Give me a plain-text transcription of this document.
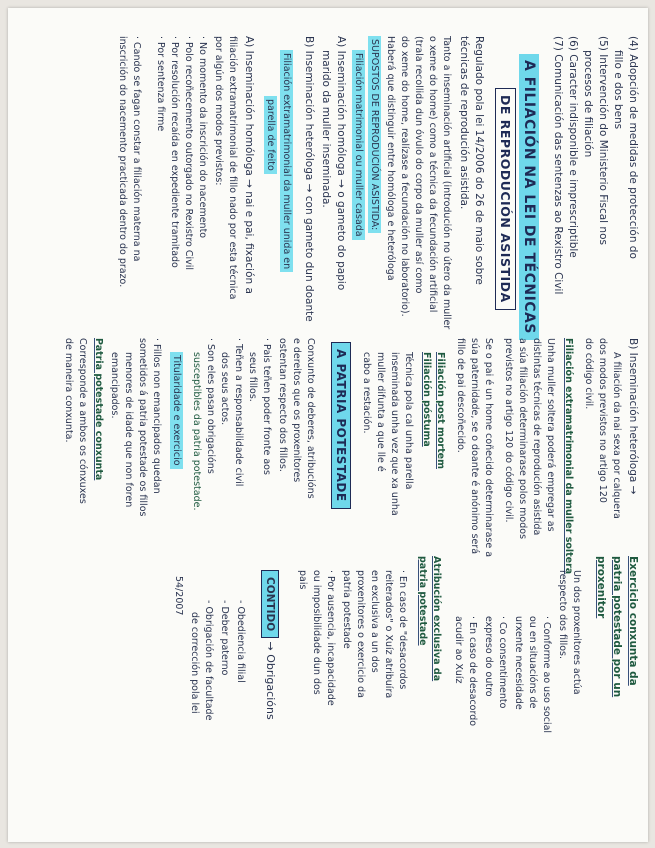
(4) Adopción de medidas de protección do
fillo e dos bens
(5) Intervención do Ministerio Fiscal nos
procesos de filiación
(6) Caracter indisponible e imprescriptible
(7) Comunicación das sentenzas ao Rexistro Civil
A FILIACIÓN NA LEI DE TÉCNICAS
DE REPRODUCIÓN ASISTIDA
Regulado pola lei 14/2006 do 26 de maio sobre
técnicas de reprodución asistida.
Tanto a inseminación artificial (introdución no útero da muller
o xeme do home) como a técnica da fecundación artificial
(trala recollida dun óvulo do corpo da muller así como
do xeme do home, realízase a fecundación no laboratorio).
Haberá que distinguir entre homóloga e heteróloga
SUPOSTOS DE REPRODUCIÓN ASISTIDA:
Filiación matrimonial ou muller casada
A) Inseminación homóloga → o gameto do papio
marido da muller inseminada.
B) Inseminación heteróloga → con gameto dun doante
Filiación extramatrimonial da muller unida en
parella de feito
A) Inseminación homóloga → nai e pai, fixación a
filiación extramatrimonial de fillo nado por esta técnica
por algún dos modos previstos:
· No momento da inscrición do nacemento
· Polo recoñecemento outorgado no Rexistro Civil
· Por resolución recaída en expediente tramitado
· Por sentenza firme
· Cando se fagan constar a filiación materna na
inscrición do nacemento practicada dentro do prazo.
B) Inseminación heteróloga →
A filiación da nai sexa por calquera
dos modos previstos no artigo 120
do código civil.
Filiación extramatrimonial da muller soltera
Unha muller soltera poderá empregar as
distintas técnicas de reprodución asistida
a súa filiación determinarase polos modos
previstos no artigo 120 do código civil.
Se o pai é un home coñecido determinarase a
súa paternidade, se o doante é anónimo será
fillo de pai descoñecido.
Filiación post mortem
Filiación póstuma
Técnica pola cal unha parella
inseminada unha vez que xa unha
muller difunta a que lle é
cabo a restación.
A PATRIA POTESTADE
Conxunto de deberes, atribucións
e dereitos que os proxenitores
ostentan respecto dos fillos.
· Pais teñen poder fronte aos
seus fillos.
· Teñen a responsabilidade civil
dos seus actos.
· Son eles pasan obrigacións
susceptibles da patria potestade.
Titularidade e exercicio
· Fillos non emancipados quedan
sometidos á patria potestade os fillos
menores de idade que non foren
emancipados.
Patria potestade conxunta
Corresponde a ambos os cónxuxes
de maneira conxunta.
Exercicio conxunta da
patria potestade por un
proxenitor
Un dos proxenitores actúa
respecto dos fillos.
· Conforme ao uso social
ou en situacións de
urxente necesidade
· Co consentimento
expreso do outro
· En caso de desacordo
acudir ao Xuíz
Atribución exclusiva da
patria potestade
· En caso de "desacordos
reiterados" o Xuíz atribuíra
en exclusiva a un dos
proxenitores o exercicio da
patria potestade
· Por ausencia, incapacidade
ou imposibilidade dun dos
pais
CONTIDO → Obrigacións
- Obediencia filial
- Deber paterno
- Obrigación de facultade
de corrección pola lei
54/2007
